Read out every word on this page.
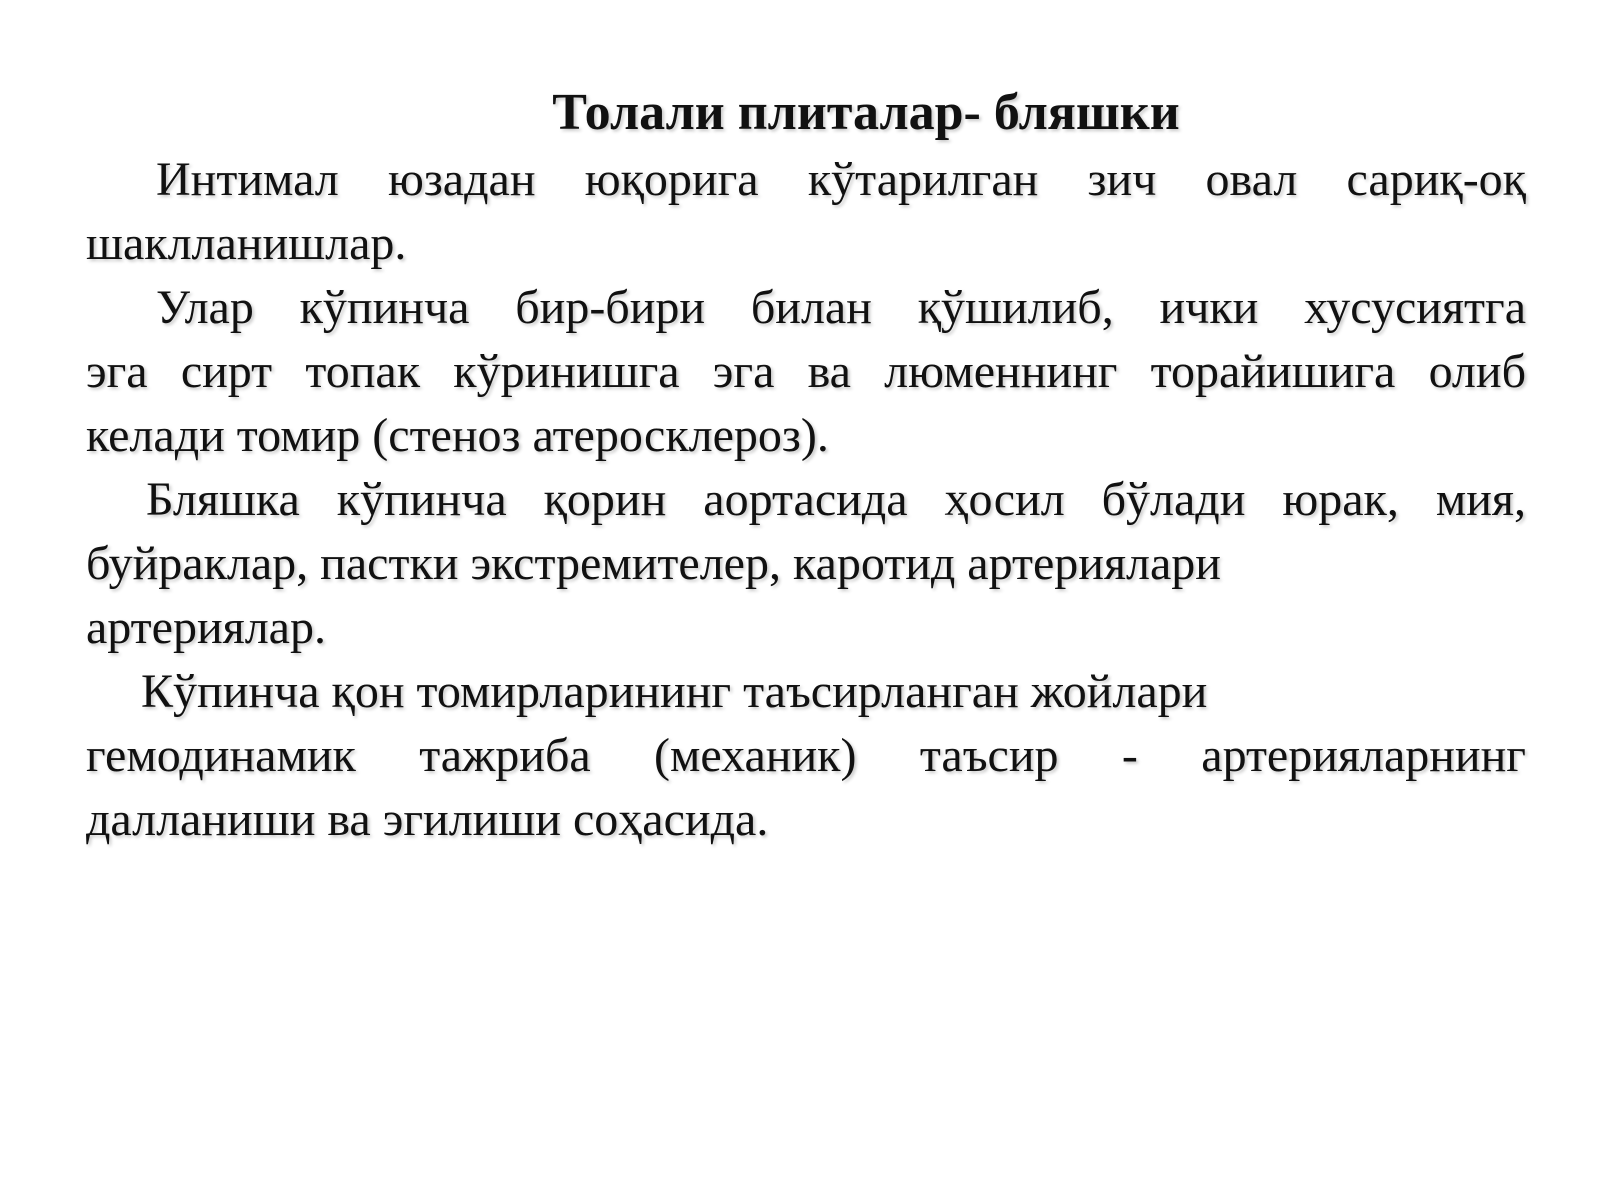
Толали плиталар- бляшки

Интимал юзадан юқорига кўтарилган зич овал сариқ-оқ
шаклланишлар.
Улар кўпинча бир-бири билан қўшилиб, ички хусусиятга
эга сирт топак кўринишга эга ва люменнинг торайишига олиб
келади томир (стеноз атеросклероз).
Бляшка кўпинча қорин аортасида ҳосил бўлади юрак, мия,
буйраклар, пастки экстремителер, каротид артериялари
артериялар.
Кўпинча қон томирларининг таъсирланган жойлари
гемодинамик тажриба (механик) таъсир - артерияларнинг
далланиши ва эгилиши соҳасида.
